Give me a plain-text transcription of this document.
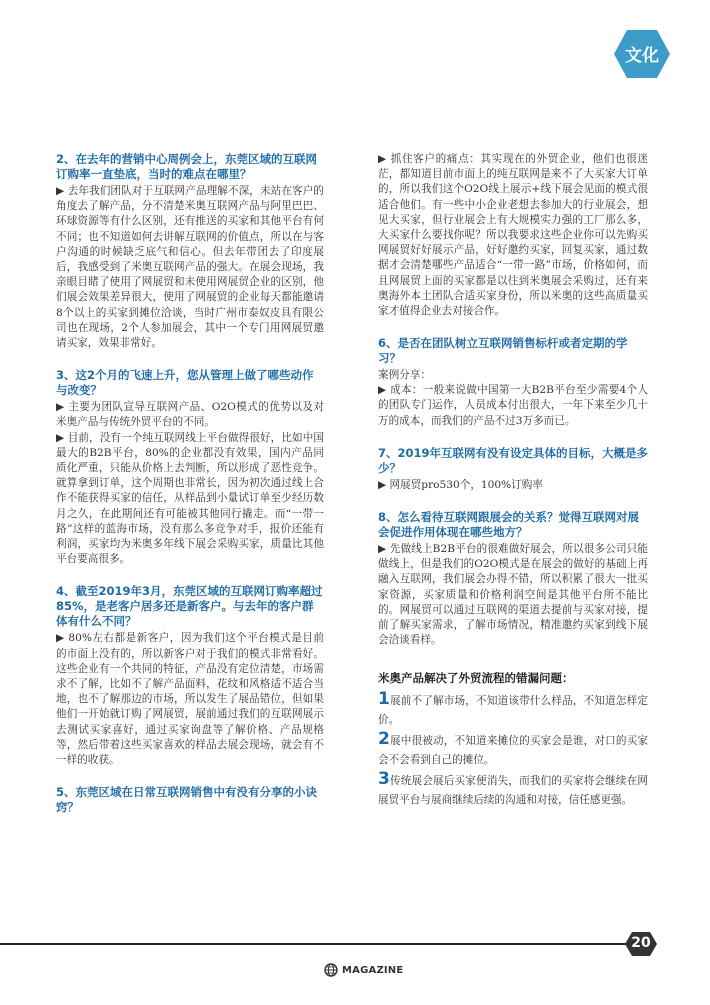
文化

2、在去年的营销中心周例会上，东莞区域的互联网订购率一直垫底，当时的难点在哪里？

▶ 去年我们团队对于互联网产品理解不深，未站在客户的角度去了解产品，分不清楚米奥互联网产品与阿里巴巴、环球资源等有什么区别，还有推送的买家和其他平台有何不同；也不知道如何去讲解互联网的价值点，所以在与客户沟通的时候缺乏底气和信心。但去年带团去了印度展后，我感受到了米奥互联网产品的强大。在展会现场，我亲眼目睹了使用了网展贸和未使用网展贸企业的区别，他们展会效果差异很大，使用了网展贸的企业每天都能邀请8个以上的买家到摊位洽谈，当时广州市泰奴皮具有限公司也在现场，2个人参加展会，其中一个专门用网展贸邀请买家，效果非常好。

3、这2个月的飞速上升，您从管理上做了哪些动作与改变？

▶ 主要为团队宣导互联网产品、O2O模式的优势以及对米奥产品与传统外贸平台的不同。

▶ 目前，没有一个纯互联网线上平台做得很好，比如中国最大的B2B平台，80%的企业都没有效果，国内产品同质化严重，只能从价格上去判断，所以形成了恶性竞争。就算拿到订单，这个周期也非常长，因为初次通过线上合作不能获得买家的信任，从样品到小量试订单至少经历数月之久，在此期间还有可能被其他同行撬走。而“一带一路”这样的蓝海市场，没有那么多竞争对手，报价还能有利润，买家均为米奥多年线下展会采购买家，质量比其他平台要高很多。

4、截至2019年3月，东莞区域的互联网订购率超过85%，是老客户居多还是新客户。与去年的客户群体有什么不同？

▶ 80%左右都是新客户，因为我们这个平台模式是目前的市面上没有的，所以新客户对于我们的模式非常看好。这些企业有一个共同的特征，产品没有定位清楚，市场需求不了解，比如不了解产品面料，花纹和风格适不适合当地，也不了解那边的市场，所以发生了展品错位，但如果他们一开始就订购了网展贸，展前通过我们的互联网展示去测试买家喜好，通过买家询盘等了解价格、产品规格等，然后带着这些买家喜欢的样品去展会现场，就会有不一样的收获。

5、东莞区域在日常互联网销售中有没有分享的小诀窍？

▶ 抓住客户的痛点：其实现在的外贸企业，他们也很迷茫，都知道目前市面上的纯互联网是来不了大买家大订单的，所以我们这个O2O线上展示+线下展会见面的模式很适合他们。有一些中小企业老想去参加大的行业展会，想见大买家，但行业展会上有大规模实力强的工厂那么多，大买家什么要找你呢？所以我要求这些企业你可以先购买网展贸好好展示产品，好好邀约买家，回复买家，通过数据才会清楚哪些产品适合“一带一路”市场，价格如何，而且网展贸上面的买家都是以往到米奥展会采购过，还有来奥海外本土团队合适买家身份，所以米奥的这些高质量买家才值得企业去对接合作。

6、是否在团队树立互联网销售标杆或者定期的学习？

案例分享：

▶ 成本：一般来说做中国第一大B2B平台至少需要4个人的团队专门运作，人员成本付出很大，一年下来至少几十万的成本，而我们的产品不过3万多而已。

7、2019年互联网有没有设定具体的目标，大概是多少？

▶ 网展贸pro530个，100%订购率

8、怎么看待互联网跟展会的关系？觉得互联网对展会促进作用体现在哪些地方？

▶ 先做线上B2B平台的很难做好展会，所以很多公司只能做线上，但是我们的O2O模式是在展会的做好的基础上再融入互联网，我们展会办得不错，所以积累了很大一批买家资源，买家质量和价格利润空间是其他平台所不能比的。网展贸可以通过互联网的渠道去提前与买家对接，提前了解买家需求，了解市场情况，精准邀约买家到线下展会洽谈看样。

米奥产品解决了外贸流程的错漏问题：

1展前不了解市场，不知道该带什么样品，不知道怎样定价。

2展中很被动，不知道来摊位的买家会是谁，对口的买家会不会看到自己的摊位。

3传统展会展后买家便消失，而我们的买家将会继续在网展贸平台与展商继续后续的沟通和对接，信任感更强。

20
MAGAZINE
